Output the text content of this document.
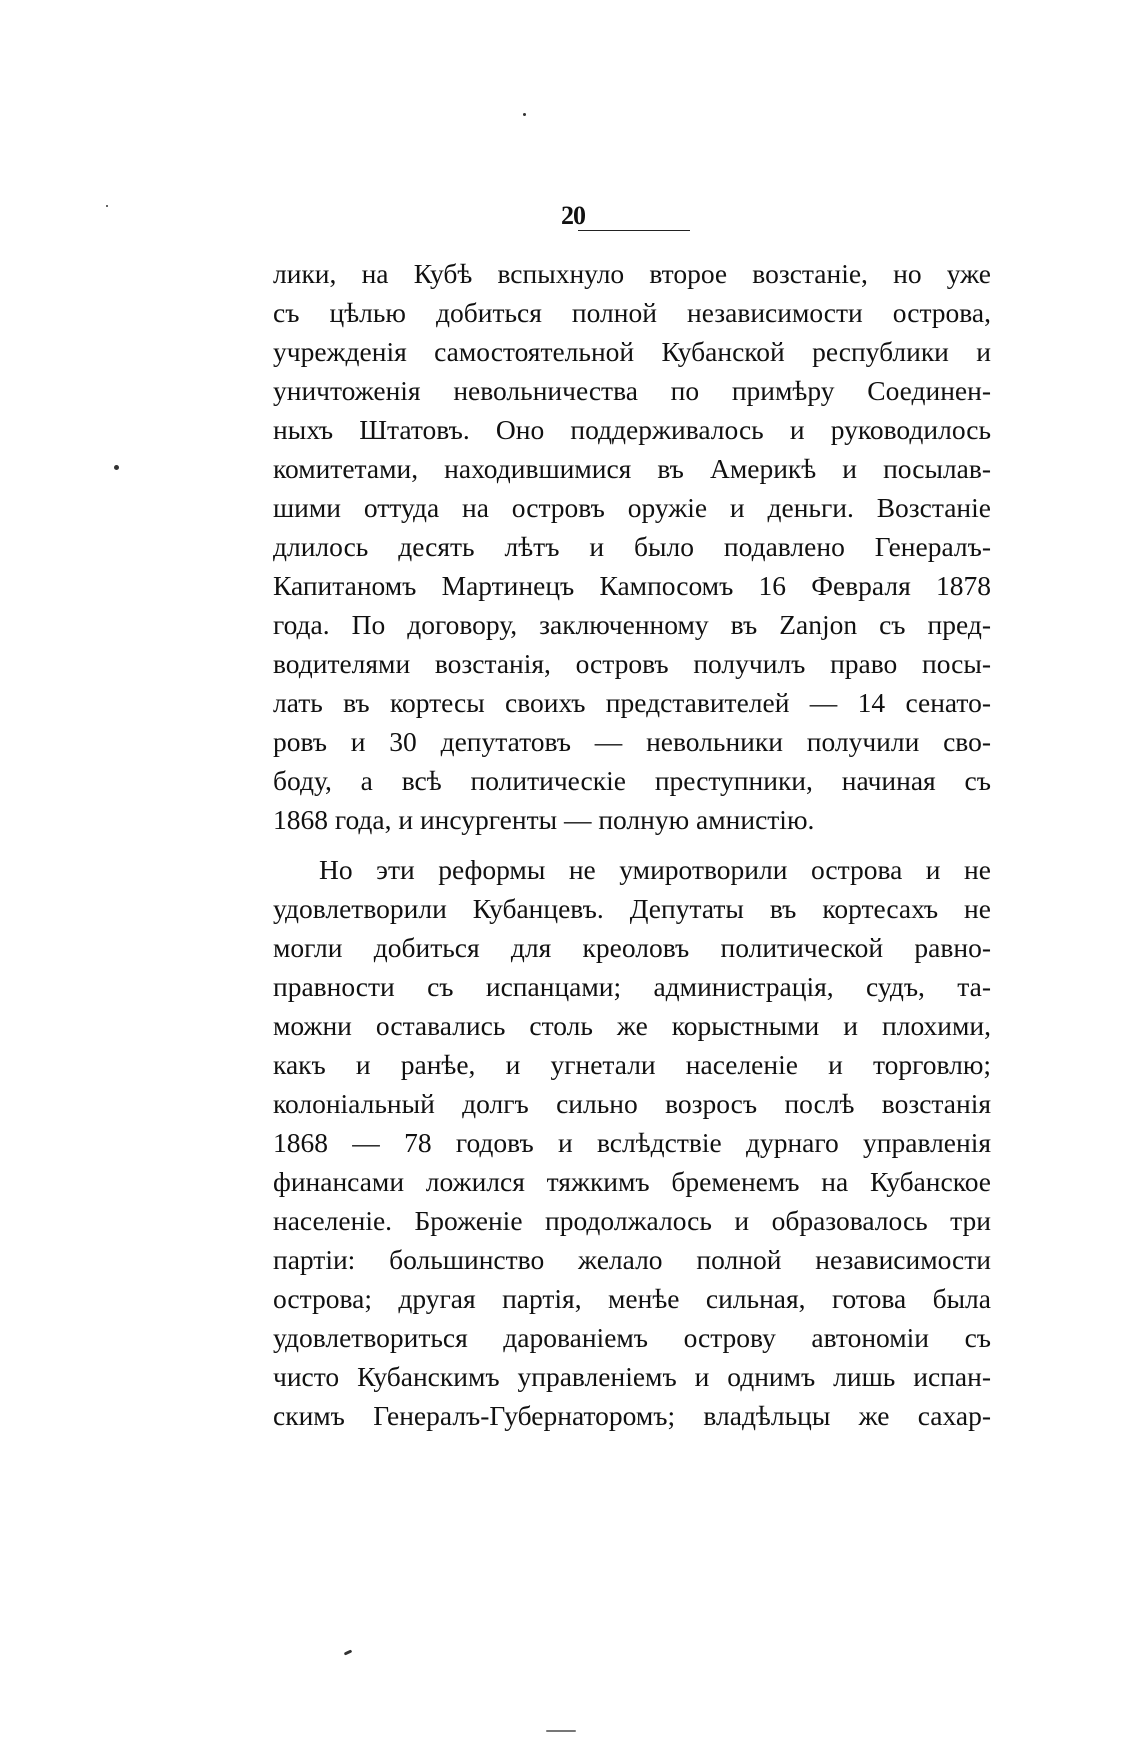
20
лики, на Кубѣ вспыхнуло второе возстаніе, но уже
съ цѣлью добиться полной независимости острова,
учрежденія самостоятельной Кубанской республики и
уничтоженія невольничества по примѣру Соединен-
ныхъ Штатовъ. Оно поддерживалось и руководилось
комитетами, находившимися въ Америкѣ и посылав-
шими оттуда на островъ оружіе и деньги. Возстаніе
длилось десять лѣтъ и было подавлено Генералъ-
Капитаномъ Мартинецъ Кампосомъ 16 Февраля 1878
года. По договору, заключенному въ Zanjon съ пред-
водителями возстанія, островъ получилъ право посы-
лать въ кортесы своихъ представителей — 14 сенато-
ровъ и 30 депутатовъ — невольники получили сво-
боду, а всѣ политическіе преступники, начиная съ
1868 года, и инсургенты — полную амнистію.
Но эти реформы не умиротворили острова и не
удовлетворили Кубанцевъ. Депутаты въ кортесахъ не
могли добиться для креоловъ политической равно-
правности съ испанцами; администрація, судъ, та-
можни оставались столь же корыстными и плохими,
какъ и ранѣе, и угнетали населеніе и торговлю;
колоніальный долгъ сильно возросъ послѣ возстанія
1868 — 78 годовъ и вслѣдствіе дурнаго управленія
финансами ложился тяжкимъ бременемъ на Кубанское
населеніе. Броженіе продолжалось и образовалось три
партіи: большинство желало полной независимости
острова; другая партія, менѣе сильная, готова была
удовлетвориться дарованіемъ острову автономіи съ
чисто Кубанскимъ управленіемъ и однимъ лишь испан-
скимъ Генералъ-Губернаторомъ; владѣльцы же сахар-
